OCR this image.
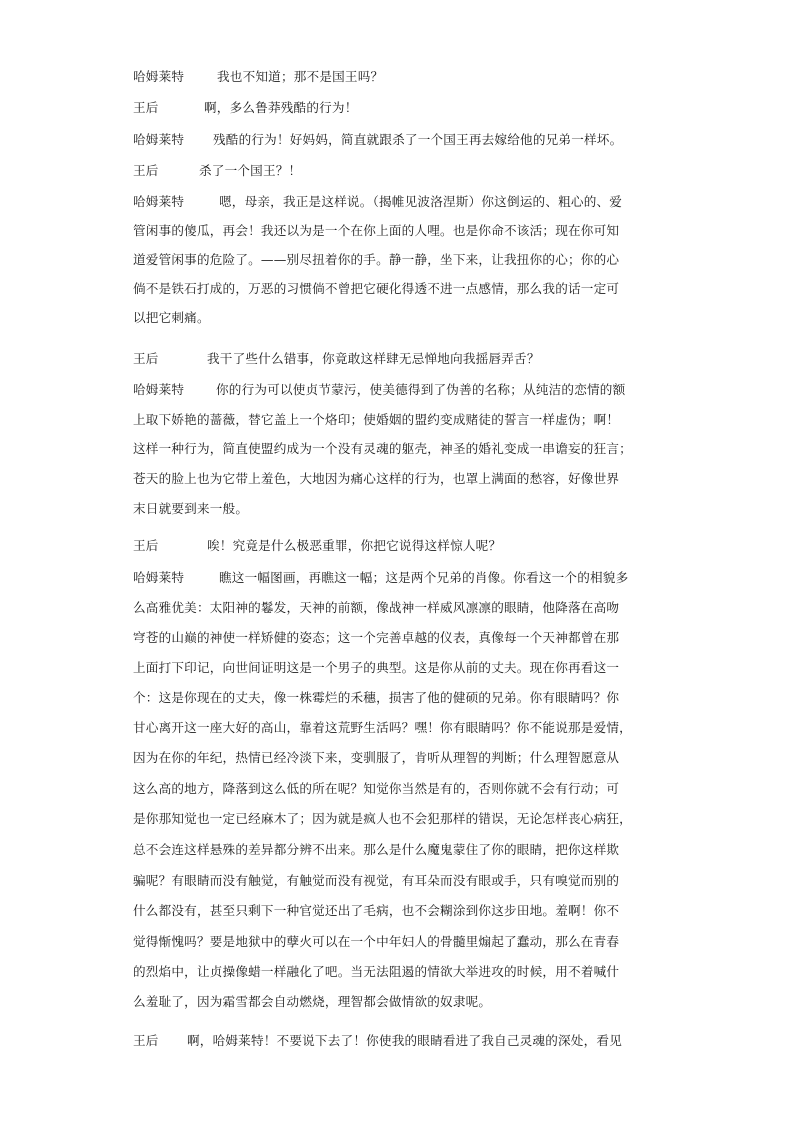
哈姆莱特	我也不知道；那不是国王吗？
王后	啊，多么鲁莽残酷的行为！
哈姆莱特 残酷的行为！好妈妈，简直就跟杀了一个国王再去嫁给他的兄弟一样坏。
王后	杀了一个国王？！
哈姆莱特	嗯，母亲，我正是这样说。（揭帷见波洛涅斯）你这倒运的、粗心的、爱
管闲事的傻瓜，再会！我还以为是一个在你上面的人哩。也是你命不该活；现在你可知
道爱管闲事的危险了。——别尽扭着你的手。静一静，坐下来，让我扭你的心；你的心
倘不是铁石打成的，万恶的习惯倘不曾把它硬化得透不进一点感情，那么我的话一定可
以把它刺痛。
王后	我干了些什么错事，你竟敢这样肆无忌惮地向我摇唇弄舌？
哈姆莱特	你的行为可以使贞节蒙污，使美德得到了伪善的名称；从纯洁的恋情的额
上取下娇艳的蔷薇，替它盖上一个烙印；使婚姻的盟约变成赌徒的誓言一样虚伪；啊！
这样一种行为，简直使盟约成为一个没有灵魂的躯壳，神圣的婚礼变成一串谵妄的狂言；
苍天的脸上也为它带上羞色，大地因为痛心这样的行为，也罩上满面的愁容，好像世界
末日就要到来一般。
王后	唉！究竟是什么极恶重罪，你把它说得这样惊人呢？
哈姆莱特	瞧这一幅图画，再瞧这一幅；这是两个兄弟的肖像。你看这一个的相貌多
么高雅优美：太阳神的鬈发，天神的前额，像战神一样威风凛凛的眼睛，他降落在高吻
穹苍的山巅的神使一样矫健的姿态；这一个完善卓越的仪表，真像每一个天神都曾在那
上面打下印记，向世间证明这是一个男子的典型。这是你从前的丈夫。现在你再看这一
个：这是你现在的丈夫，像一株霉烂的禾穗，损害了他的健硕的兄弟。你有眼睛吗？你
甘心离开这一座大好的高山，靠着这荒野生活吗？嘿！你有眼睛吗？你不能说那是爱情，
因为在你的年纪，热情已经冷淡下来，变驯服了，肯听从理智的判断；什么理智愿意从
这么高的地方，降落到这么低的所在呢？知觉你当然是有的，否则你就不会有行动；可
是你那知觉也一定已经麻木了；因为就是疯人也不会犯那样的错误，无论怎样丧心病狂，
总不会连这样悬殊的差异都分辨不出来。那么是什么魔鬼蒙住了你的眼睛，把你这样欺
骗呢？有眼睛而没有触觉，有触觉而没有视觉，有耳朵而没有眼或手，只有嗅觉而别的
什么都没有，甚至只剩下一种官觉还出了毛病，也不会糊涂到你这步田地。羞啊！你不
觉得惭愧吗？要是地狱中的孽火可以在一个中年妇人的骨髓里煽起了蠢动，那么在青春
的烈焰中，让贞操像蜡一样融化了吧。当无法阻遏的情欲大举进攻的时候，用不着喊什
么羞耻了，因为霜雪都会自动燃烧，理智都会做情欲的奴隶呢。
王后 啊，哈姆莱特！不要说下去了！你使我的眼睛看进了我自己灵魂的深处，看见
